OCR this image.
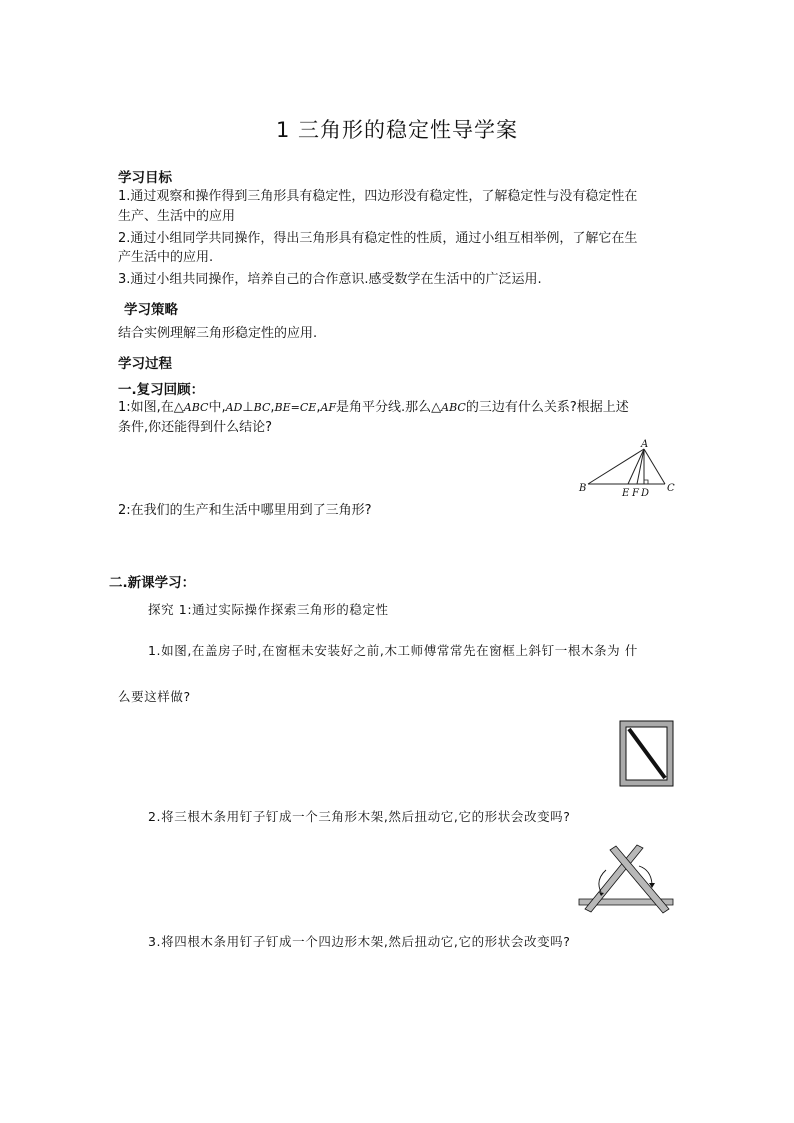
1 三角形的稳定性导学案
学习目标
1.通过观察和操作得到三角形具有稳定性，四边形没有稳定性，了解稳定性与没有稳定性在
生产、生活中的应用
2.通过小组同学共同操作，得出三角形具有稳定性的性质，通过小组互相举例，了解它在生
产生活中的应用.
3.通过小组共同操作，培养自己的合作意识.感受数学在生活中的广泛运用.
学习策略
结合实例理解三角形稳定性的应用.
学习过程
一.复习回顾：
1:如图,在△ABC中,AD⊥BC,BE=CE,AF是角平分线.那么△ABC的三边有什么关系?根据上述
条件,你还能得到什么结论?
A
B	C
E F D
2:在我们的生产和生活中哪里用到了三角形?
二.新课学习：
探究 1:通过实际操作探索三角形的稳定性
1.如图,在盖房子时,在窗框未安装好之前,木工师傅常常先在窗框上斜钉一根木条为 什
么要这样做?
2.将三根木条用钉子钉成一个三角形木架,然后扭动它,它的形状会改变吗?
3.将四根木条用钉子钉成一个四边形木架,然后扭动它,它的形状会改变吗?
